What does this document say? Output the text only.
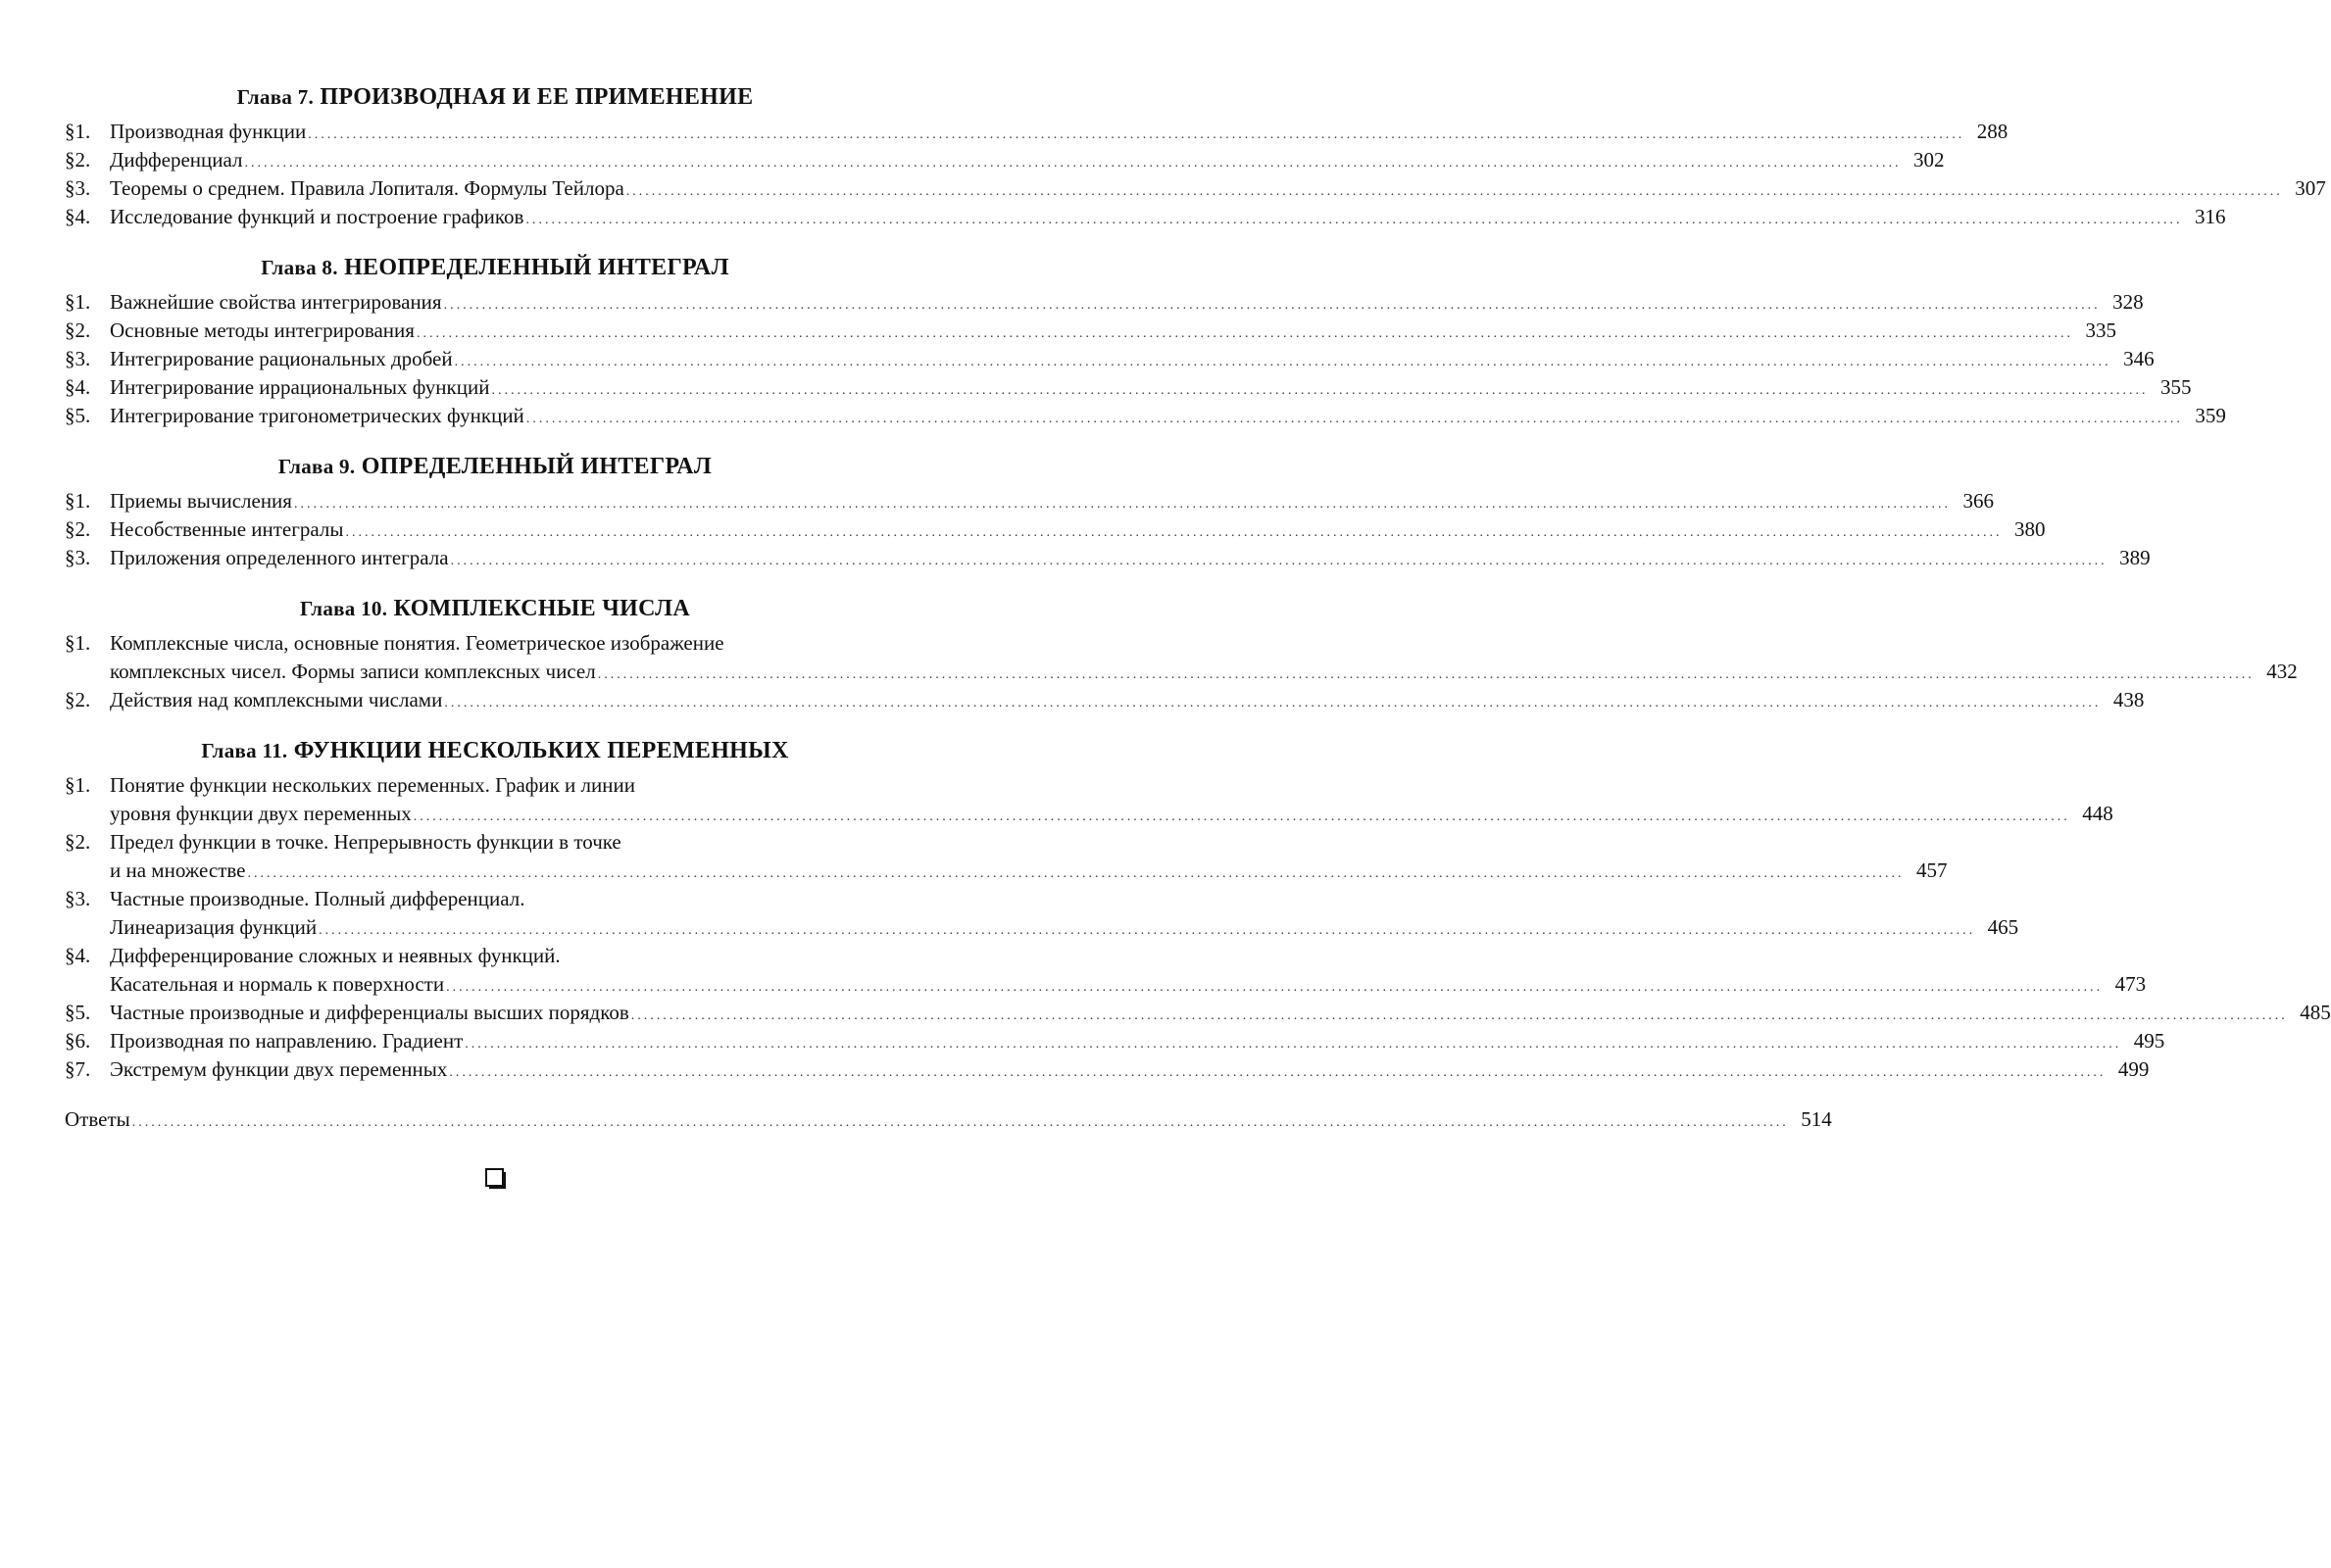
Глава 7. ПРОИЗВОДНАЯ И ЕЕ ПРИМЕНЕНИЕ
§1. Производная функции .....	288
§2. Дифференциал .....	302
§3. Теоремы о среднем. Правила Лопиталя. Формулы Тейлора .....	307
§4. Исследование функций и построение графиков .....	316
Глава 8. НЕОПРЕДЕЛЕННЫЙ ИНТЕГРАЛ
§1. Важнейшие свойства интегрирования .....	328
§2. Основные методы интегрирования .....	335
§3. Интегрирование рациональных дробей .....	346
§4. Интегрирование иррациональных функций .....	355
§5. Интегрирование тригонометрических функций .....	359
Глава 9. ОПРЕДЕЛЕННЫЙ ИНТЕГРАЛ
§1. Приемы вычисления .....	366
§2. Несобственные интегралы .....	380
§3. Приложения определенного интеграла .....	389
Глава 10. КОМПЛЕКСНЫЕ ЧИСЛА
§1. Комплексные числа, основные понятия. Геометрическое изображение
комплексных чисел. Формы записи комплексных чисел .....	432
§2. Действия над комплексными числами .....	438
Глава 11. ФУНКЦИИ НЕСКОЛЬКИХ ПЕРЕМЕННЫХ
§1. Понятие функции нескольких переменных. График и линии
уровня функции двух переменных .....	448
§2. Предел функции в точке. Непрерывность функции в точке
и на множестве .....	457
§3. Частные производные. Полный дифференциал.
Линеаризация функций .....	465
§4. Дифференцирование сложных и неявных функций.
Касательная и нормаль к поверхности .....	473
§5. Частные производные и дифференциалы высших порядков .....	485
§6. Производная по направлению. Градиент .....	495
§7. Экстремум функции двух переменных .....	499
Ответы .....	514
